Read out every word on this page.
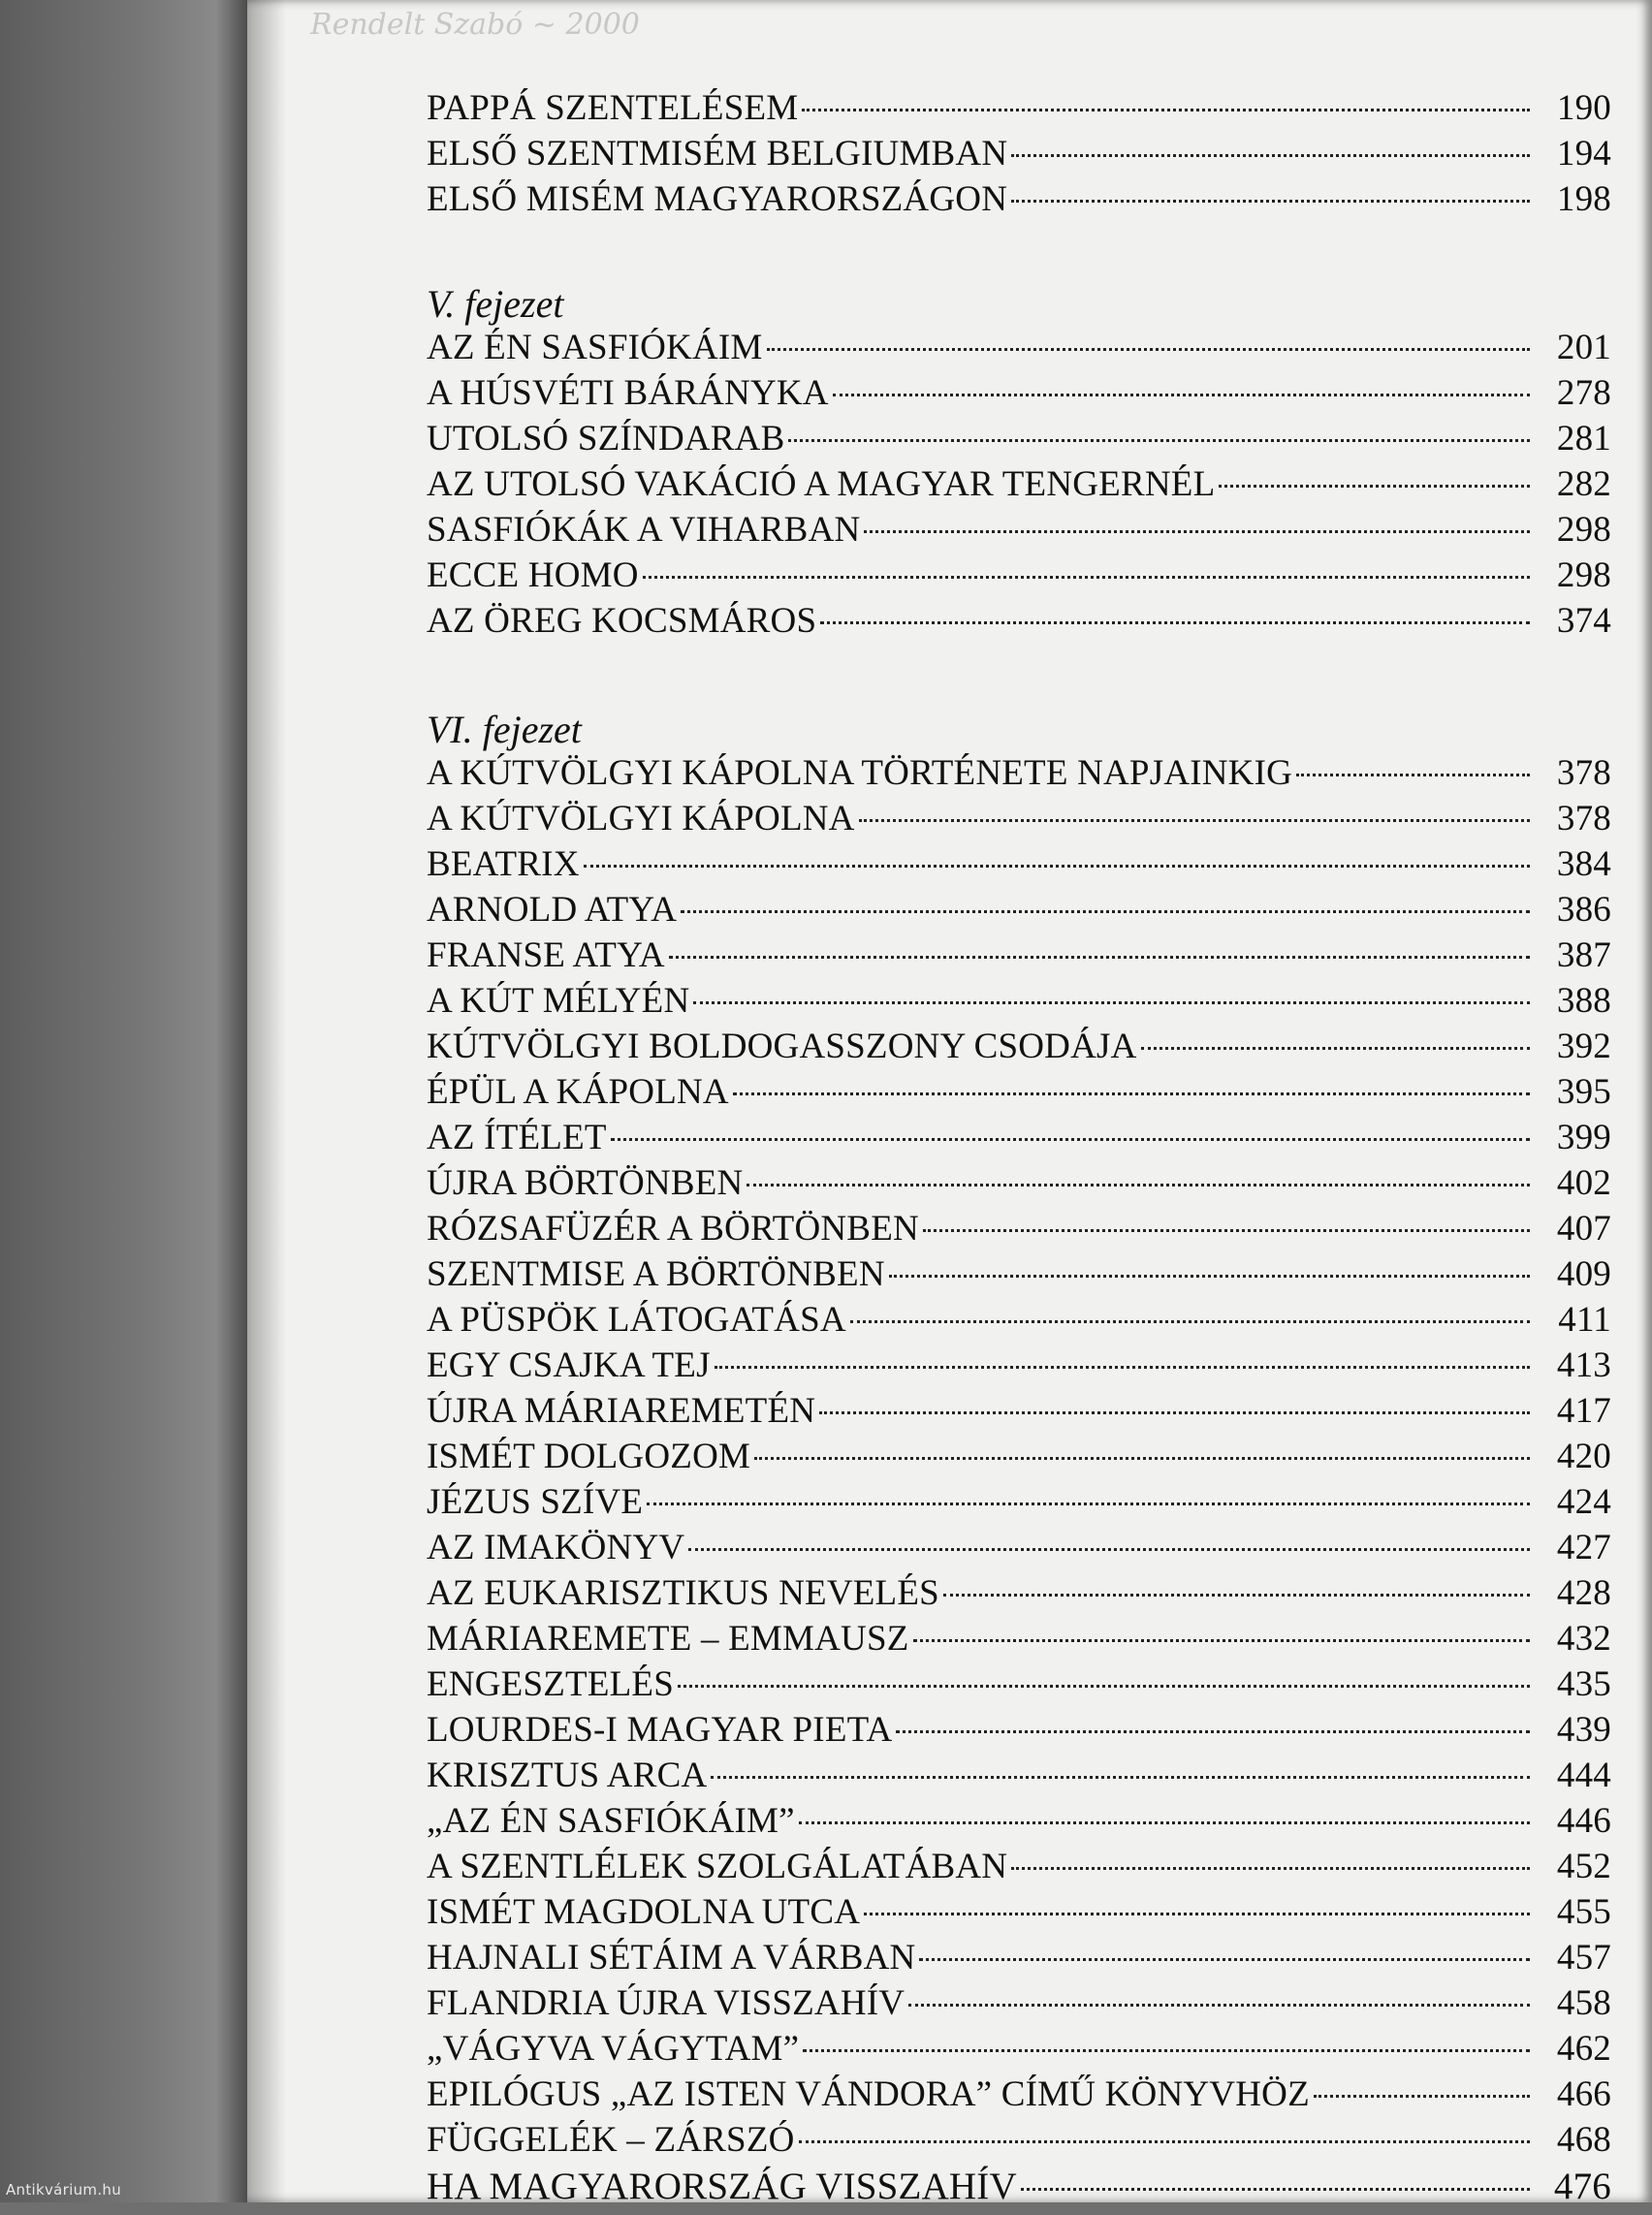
Rendelt Szabó ~ 2000
PAPPÁ SZENTELÉSEM	190
ELSŐ SZENTMISÉM BELGIUMBAN	194
ELSŐ MISÉM MAGYARORSZÁGON	198
V. fejezet
AZ ÉN SASFIÓKÁIM	201
A HÚSVÉTI BÁRÁNYKA	278
UTOLSÓ SZÍNDARAB	281
AZ UTOLSÓ VAKÁCIÓ A MAGYAR TENGERNÉL	282
SASFIÓKÁK A VIHARBAN	298
ECCE HOMO	298
AZ ÖREG KOCSMÁROS	374
VI. fejezet
A KÚTVÖLGYI KÁPOLNA TÖRTÉNETE NAPJAINKIG	378
A KÚTVÖLGYI KÁPOLNA	378
BEATRIX	384
ARNOLD ATYA	386
FRANSE ATYA	387
A KÚT MÉLYÉN	388
KÚTVÖLGYI BOLDOGASSZONY CSODÁJA	392
ÉPÜL A KÁPOLNA	395
AZ ÍTÉLET	399
ÚJRA BÖRTÖNBEN	402
RÓZSAFÜZÉR A BÖRTÖNBEN	407
SZENTMISE A BÖRTÖNBEN	409
A PÜSPÖK LÁTOGATÁSA	411
EGY CSAJKA TEJ	413
ÚJRA MÁRIAREMETÉN	417
ISMÉT DOLGOZOM	420
JÉZUS SZÍVE	424
AZ IMAKÖNYV	427
AZ EUKARISZTIKUS NEVELÉS	428
MÁRIAREMETE – EMMAUSZ	432
ENGESZTELÉS	435
LOURDES-I MAGYAR PIETA	439
KRISZTUS ARCA	444
„AZ ÉN SASFIÓKÁIM”	446
A SZENTLÉLEK SZOLGÁLATÁBAN	452
ISMÉT MAGDOLNA UTCA	455
HAJNALI SÉTÁIM A VÁRBAN	457
FLANDRIA ÚJRA VISSZAHÍV	458
„VÁGYVA VÁGYTAM”	462
EPILÓGUS „AZ ISTEN VÁNDORA” CÍMŰ KÖNYVHÖZ	466
FÜGGELÉK – ZÁRSZÓ	468
HA MAGYARORSZÁG VISSZAHÍV	476
Antikvárium.hu
